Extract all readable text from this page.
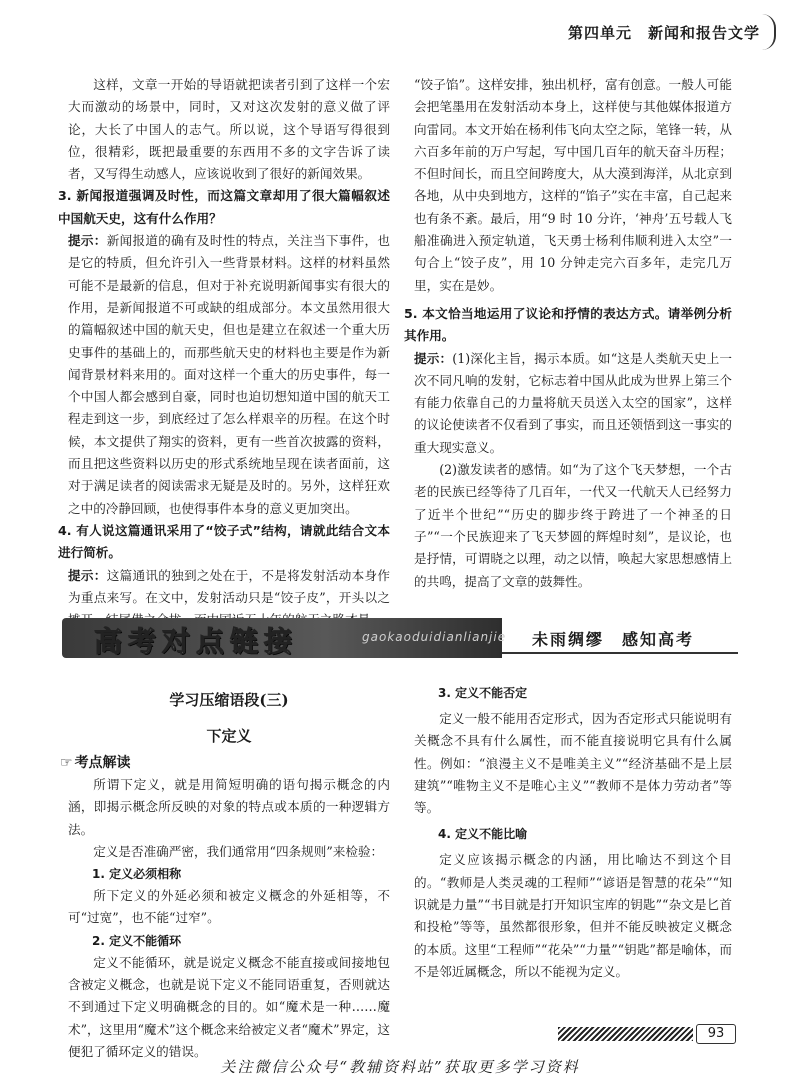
第四单元　新闻和报告文学

这样，文章一开始的导语就把读者引到了这样一个宏大而激动的场景中，同时，又对这次发射的意义做了评论，大长了中国人的志气。所以说，这个导语写得很到位，很精彩，既把最重要的东西用不多的文字告诉了读者，又写得生动感人，应该说收到了很好的新闻效果。

3. 新闻报道强调及时性，而这篇文章却用了很大篇幅叙述中国航天史，这有什么作用？

提示：新闻报道的确有及时性的特点，关注当下事件，也是它的特质，但允许引入一些背景材料。这样的材料虽然可能不是最新的信息，但对于补充说明新闻事实有很大的作用，是新闻报道不可或缺的组成部分。本文虽然用很大的篇幅叙述中国的航天史，但也是建立在叙述一个重大历史事件的基础上的，而那些航天史的材料也主要是作为新闻背景材料来用的。面对这样一个重大的历史事件，每一个中国人都会感到自豪，同时也迫切想知道中国的航天工程走到这一步，到底经过了怎么样艰辛的历程。在这个时候，本文提供了翔实的资料，更有一些首次披露的资料，而且把这些资料以历史的形式系统地呈现在读者面前，这对于满足读者的阅读需求无疑是及时的。另外，这样狂欢之中的冷静回顾，也使得事件本身的意义更加突出。

4. 有人说这篇通讯采用了“饺子式”结构，请就此结合文本进行简析。

提示：这篇通讯的独到之处在于，不是将发射活动本身作为重点来写。在文中，发射活动只是“饺子皮”，开头以之

“饺子馅”。这样安排，独出机杼，富有创意。一般人可能会把笔墨用在发射活动本身上，这样使与其他媒体报道方向雷同。本文开始在杨利伟飞向太空之际，笔锋一转，从六百多年前的万户写起，写中国几百年的航天奋斗历程；不但时间长，而且空间跨度大，从大漠到海洋，从北京到各地，从中央到地方，这样的“馅子”实在丰富，自己起来也有条不紊。最后，用“9 时 10 分许，‘神舟’五号载人飞船准确进入预定轨道，飞天勇士杨利伟顺利进入太空”一句合上“饺子皮”，用 10 分钟走完六百多年，走完几万里，实在是妙。

5. 本文恰当地运用了议论和抒情的表达方式。请举例分析其作用。

提示：(1)深化主旨，揭示本质。如“这是人类航天史上一次不同凡响的发射，它标志着中国从此成为世界上第三个有能力依靠自己的力量将航天员送入太空的国家”，这样的议论使读者不仅看到了事实，而且还领悟到这一事实的重大现实意义。

(2)激发读者的感情。如“为了这个飞天梦想，一个古老的民族已经等待了几百年，一代又一代航天人已经努力了近半个世纪”“历史的脚步终于跨进了一个神圣的日子”“一个民族迎来了飞天梦圆的辉煌时刻”，是议论，也是抒情，可谓晓之以理，动之以情，唤起大家思想感情上的共鸣，提高了文章的鼓舞性。

高考对点链接	gaokaoduidianlianjie 未雨绸缪　感知高考
学习压缩语段(三)
下定义
☞ 考点解读

所谓下定义，就是用简短明确的语句揭示概念的内涵，即揭示概念所反映的对象的特点或本质的一种逻辑方法。

定义是否准确严密，我们通常用“四条规则”来检验：

1. 定义必须相称

所下定义的外延必须和被定义概念的外延相等，不可“过宽”，也不能“过窄”。

2. 定义不能循环

定义不能循环，就是说定义概念不能直接或间接地包含被定义概念，也就是说下定义不能同语重复，否则就达不到通过下定义明确概念的目的。如“魔术是一种……魔术”，这里用“魔术”这个概念来给被定义者“魔术”界定，这便犯了循环定义的错误。

3. 定义不能否定

定义一般不能用否定形式，因为否定形式只能说明有关概念不具有什么属性，而不能直接说明它具有什么属性。例如：“浪漫主义不是唯美主义”“经济基础不是上层建筑”“唯物主义不是唯心主义”“教师不是体力劳动者”等等。

4. 定义不能比喻

定义应该揭示概念的内涵，用比喻达不到这个目的。“教师是人类灵魂的工程师”“谚语是智慧的花朵”“知识就是力量”“书目就是打开知识宝库的钥匙”“杂文是匕首和投枪”等等，虽然都很形象，但并不能反映被定义概念的本质。这里“工程师”“花朵”“力量”“钥匙”都是喻体，而不是邻近属概念，所以不能视为定义。

93
关注微信公众号“教辅资料站”获取更多学习资料
